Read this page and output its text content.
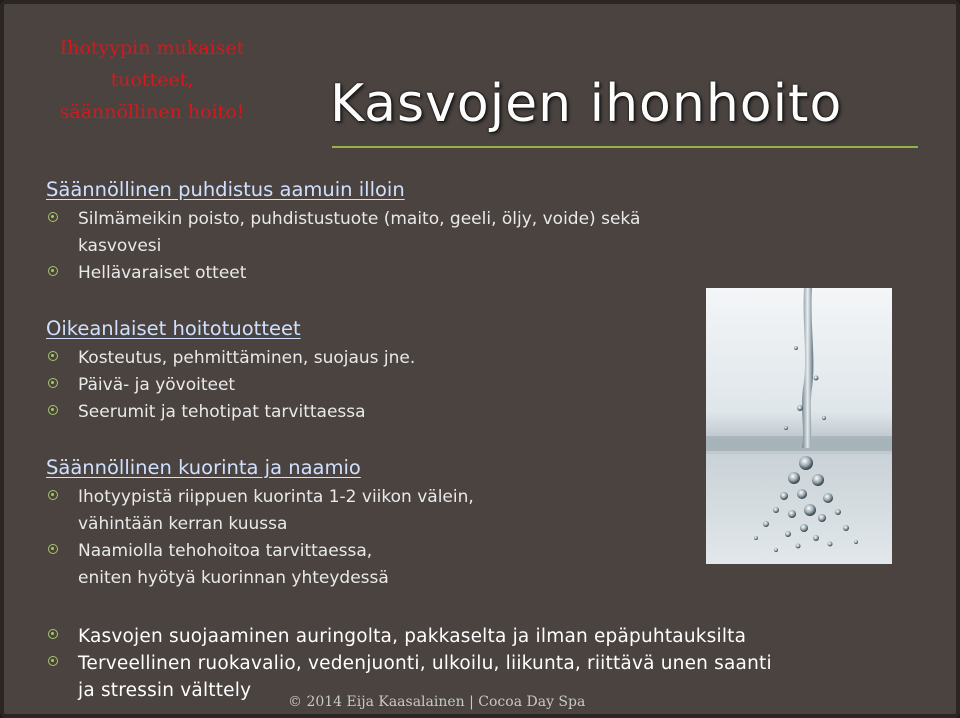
Ihotyypin mukaiset
tuotteet,
säännöllinen hoito!	Kasvojen ihonhoito
Säännöllinen puhdistus aamuin illoin
Silmämeikin poisto, puhdistustuote (maito, geeli, öljy, voide) sekä
kasvovesi
Hellävaraiset otteet
Oikeanlaiset hoitotuotteet
Kosteutus, pehmittäminen, suojaus jne.
Päivä- ja yövoiteet
Seerumit ja tehotipat tarvittaessa
Säännöllinen kuorinta ja naamio
Ihotyypistä riippuen kuorinta 1-2 viikon välein,
vähintään kerran kuussa
Naamiolla tehohoitoa tarvittaessa,
eniten hyötyä kuorinnan yhteydessä
Kasvojen suojaaminen auringolta, pakkaselta ja ilman epäpuhtauksilta
Terveellinen ruokavalio, vedenjuonti, ulkoilu, liikunta, riittävä unen saanti
ja stressin välttely
© 2014 Eija Kaasalainen | Cocoa Day Spa
